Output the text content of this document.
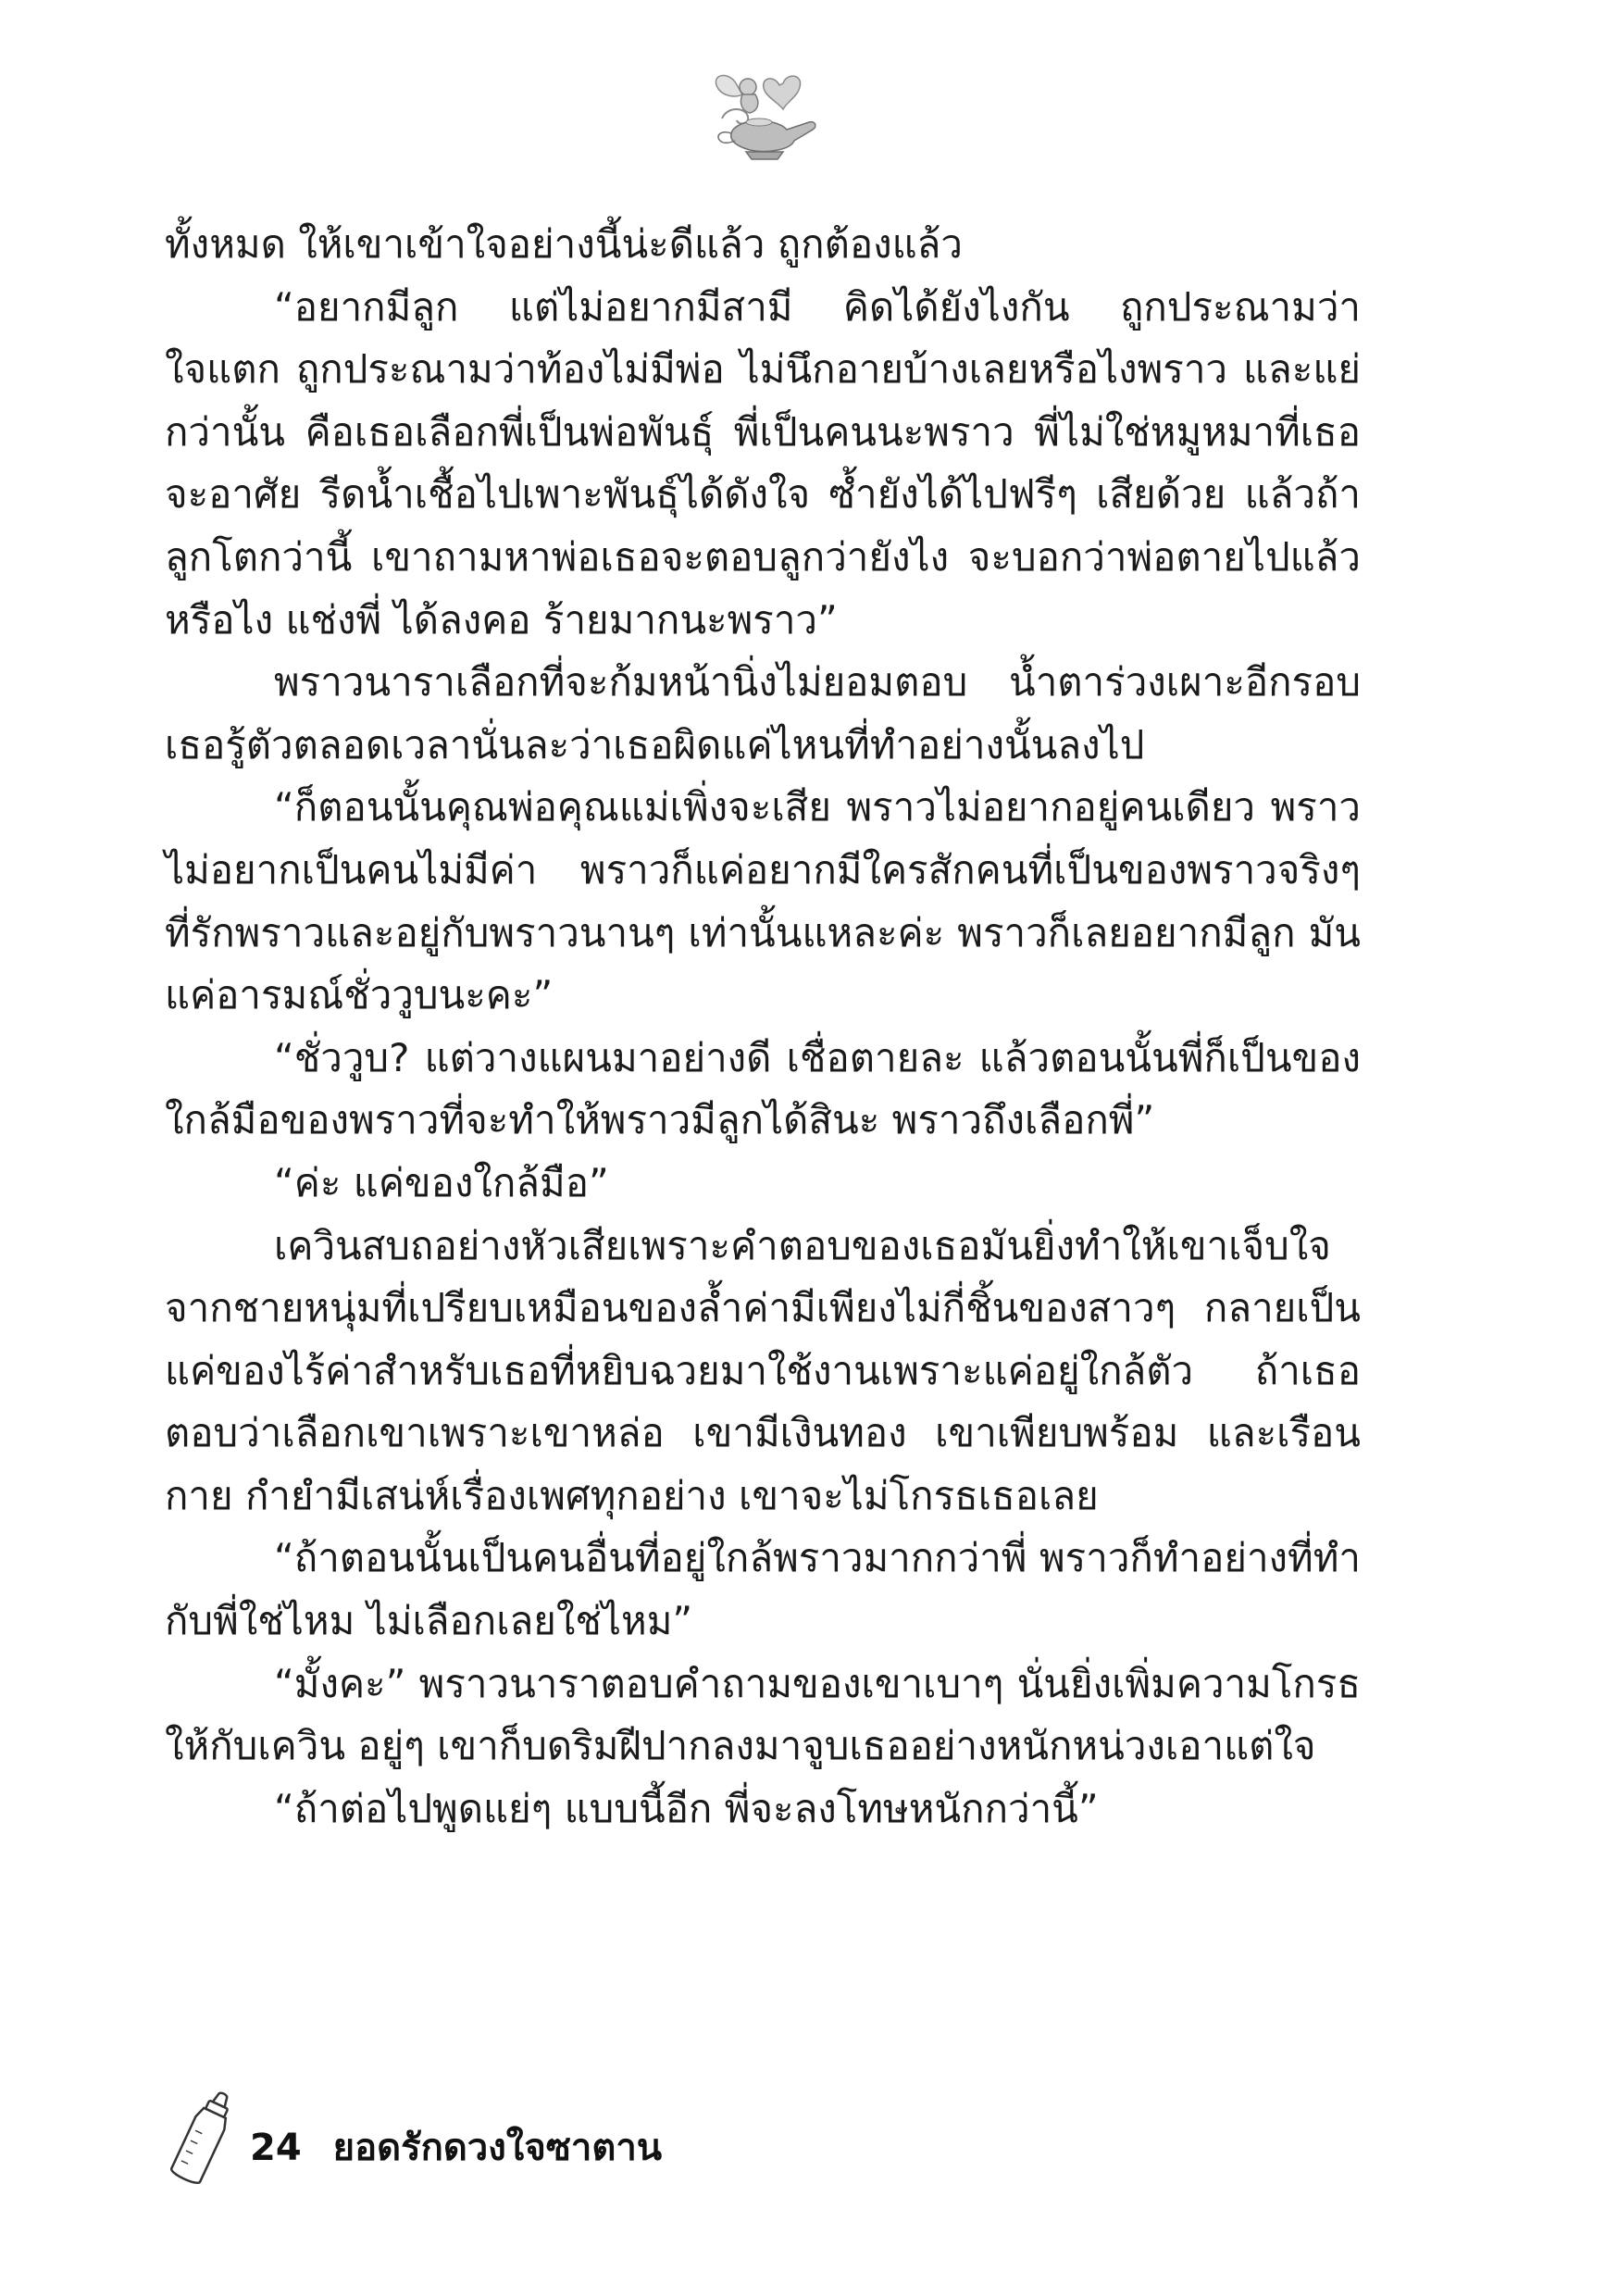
ทั้งหมด ให้เขาเข้าใจอย่างนี้น่ะดีแล้ว ถูกต้องแล้ว

“อยากมีลูก แต่ไม่อยากมีสามี คิดได้ยังไงกัน ถูกประณามว่าใจแตก ถูกประณามว่าท้องไม่มีพ่อ ไม่นึกอายบ้างเลยหรือไงพราว และแย่กว่านั้น คือเธอเลือกพี่เป็นพ่อพันธุ์ พี่เป็นคนนะพราว พี่ไม่ใช่หมูหมาที่เธอจะอาศัย รีดน้ำเชื้อไปเพาะพันธุ์ได้ดังใจ ซ้ำยังได้ไปฟรีๆ เสียด้วย แล้วถ้าลูกโตกว่านี้ เขาถามหาพ่อเธอจะตอบลูกว่ายังไง จะบอกว่าพ่อตายไปแล้วหรือไง แช่งพี่ ได้ลงคอ ร้ายมากนะพราว”

พราวนาราเลือกที่จะก้มหน้านิ่งไม่ยอมตอบ น้ำตาร่วงเผาะอีกรอบ เธอรู้ตัวตลอดเวลานั่นละว่าเธอผิดแค่ไหนที่ทำอย่างนั้นลงไป

“ก็ตอนนั้นคุณพ่อคุณแม่เพิ่งจะเสีย พราวไม่อยากอยู่คนเดียว พราว ไม่อยากเป็นคนไม่มีค่า พราวก็แค่อยากมีใครสักคนที่เป็นของพราวจริงๆ ที่รักพราวและอยู่กับพราวนานๆ เท่านั้นแหละค่ะ พราวก็เลยอยากมีลูก มันแค่อารมณ์ชั่ววูบนะคะ”

“ชั่ววูบ? แต่วางแผนมาอย่างดี เชื่อตายละ แล้วตอนนั้นพี่ก็เป็นของ ใกล้มือของพราวที่จะทำให้พราวมีลูกได้สินะ พราวถึงเลือกพี่”

“ค่ะ แค่ของใกล้มือ”

เควินสบถอย่างหัวเสียเพราะคำตอบของเธอมันยิ่งทำให้เขาเจ็บใจ จากชายหนุ่มที่เปรียบเหมือนของล้ำค่ามีเพียงไม่กี่ชิ้นของสาวๆ กลายเป็น แค่ของไร้ค่าสำหรับเธอที่หยิบฉวยมาใช้งานเพราะแค่อยู่ใกล้ตัว ถ้าเธอ ตอบว่าเลือกเขาเพราะเขาหล่อ เขามีเงินทอง เขาเพียบพร้อม และเรือนกาย กำยำมีเสน่ห์เรื่องเพศทุกอย่าง เขาจะไม่โกรธเธอเลย

“ถ้าตอนนั้นเป็นคนอื่นที่อยู่ใกล้พราวมากกว่าพี่ พราวก็ทำอย่างที่ทำ กับพี่ใช่ไหม ไม่เลือกเลยใช่ไหม”

“มั้งคะ” พราวนาราตอบคำถามของเขาเบาๆ นั่นยิ่งเพิ่มความโกรธ ให้กับเควิน อยู่ๆ เขาก็บดริมฝีปากลงมาจูบเธออย่างหนักหน่วงเอาแต่ใจ

“ถ้าต่อไปพูดแย่ๆ แบบนี้อีก พี่จะลงโทษหนักกว่านี้”

24 ยอดรักดวงใจซาตาน
